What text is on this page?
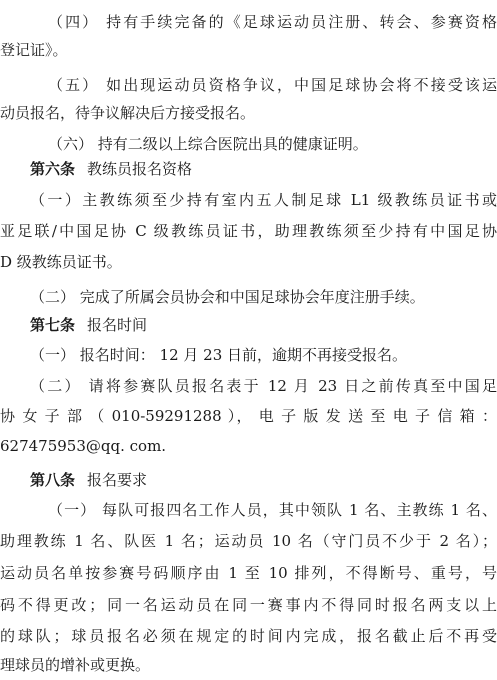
（四） 持有手续完备的《足球运动员注册、转会、参赛资格
登记证》。
（五） 如出现运动员资格争议，中国足球协会将不接受该运
动员报名，待争议解决后方接受报名。
（六） 持有二级以上综合医院出具的健康证明。
第六条 教练员报名资格
（一）主教练须至少持有室内五人制足球 L1 级教练员证书或
亚足联/中国足协 C 级教练员证书，助理教练须至少持有中国足协
D 级教练员证书。
（二） 完成了所属会员协会和中国足球协会年度注册手续。
第七条 报名时间
（一） 报名时间： 12 月 23 日前，逾期不再接受报名。
（二） 请将参赛队员报名表于 12 月 23 日之前传真至中国足
协 女 子 部 （ 010-59291288 ）， 电 子 版 发 送 至 电 子 信 箱 ：
627475953@qq. com.
第八条 报名要求
（一） 每队可报四名工作人员，其中领队 1 名、主教练 1 名、
助理教练 1 名、队医 1 名；运动员 10 名（守门员不少于 2 名）；
运动员名单按参赛号码顺序由 1 至 10 排列，不得断号、重号，号
码不得更改；同一名运动员在同一赛事内不得同时报名两支以上
的球队；球员报名必须在规定的时间内完成，报名截止后不再受
理球员的增补或更换。
